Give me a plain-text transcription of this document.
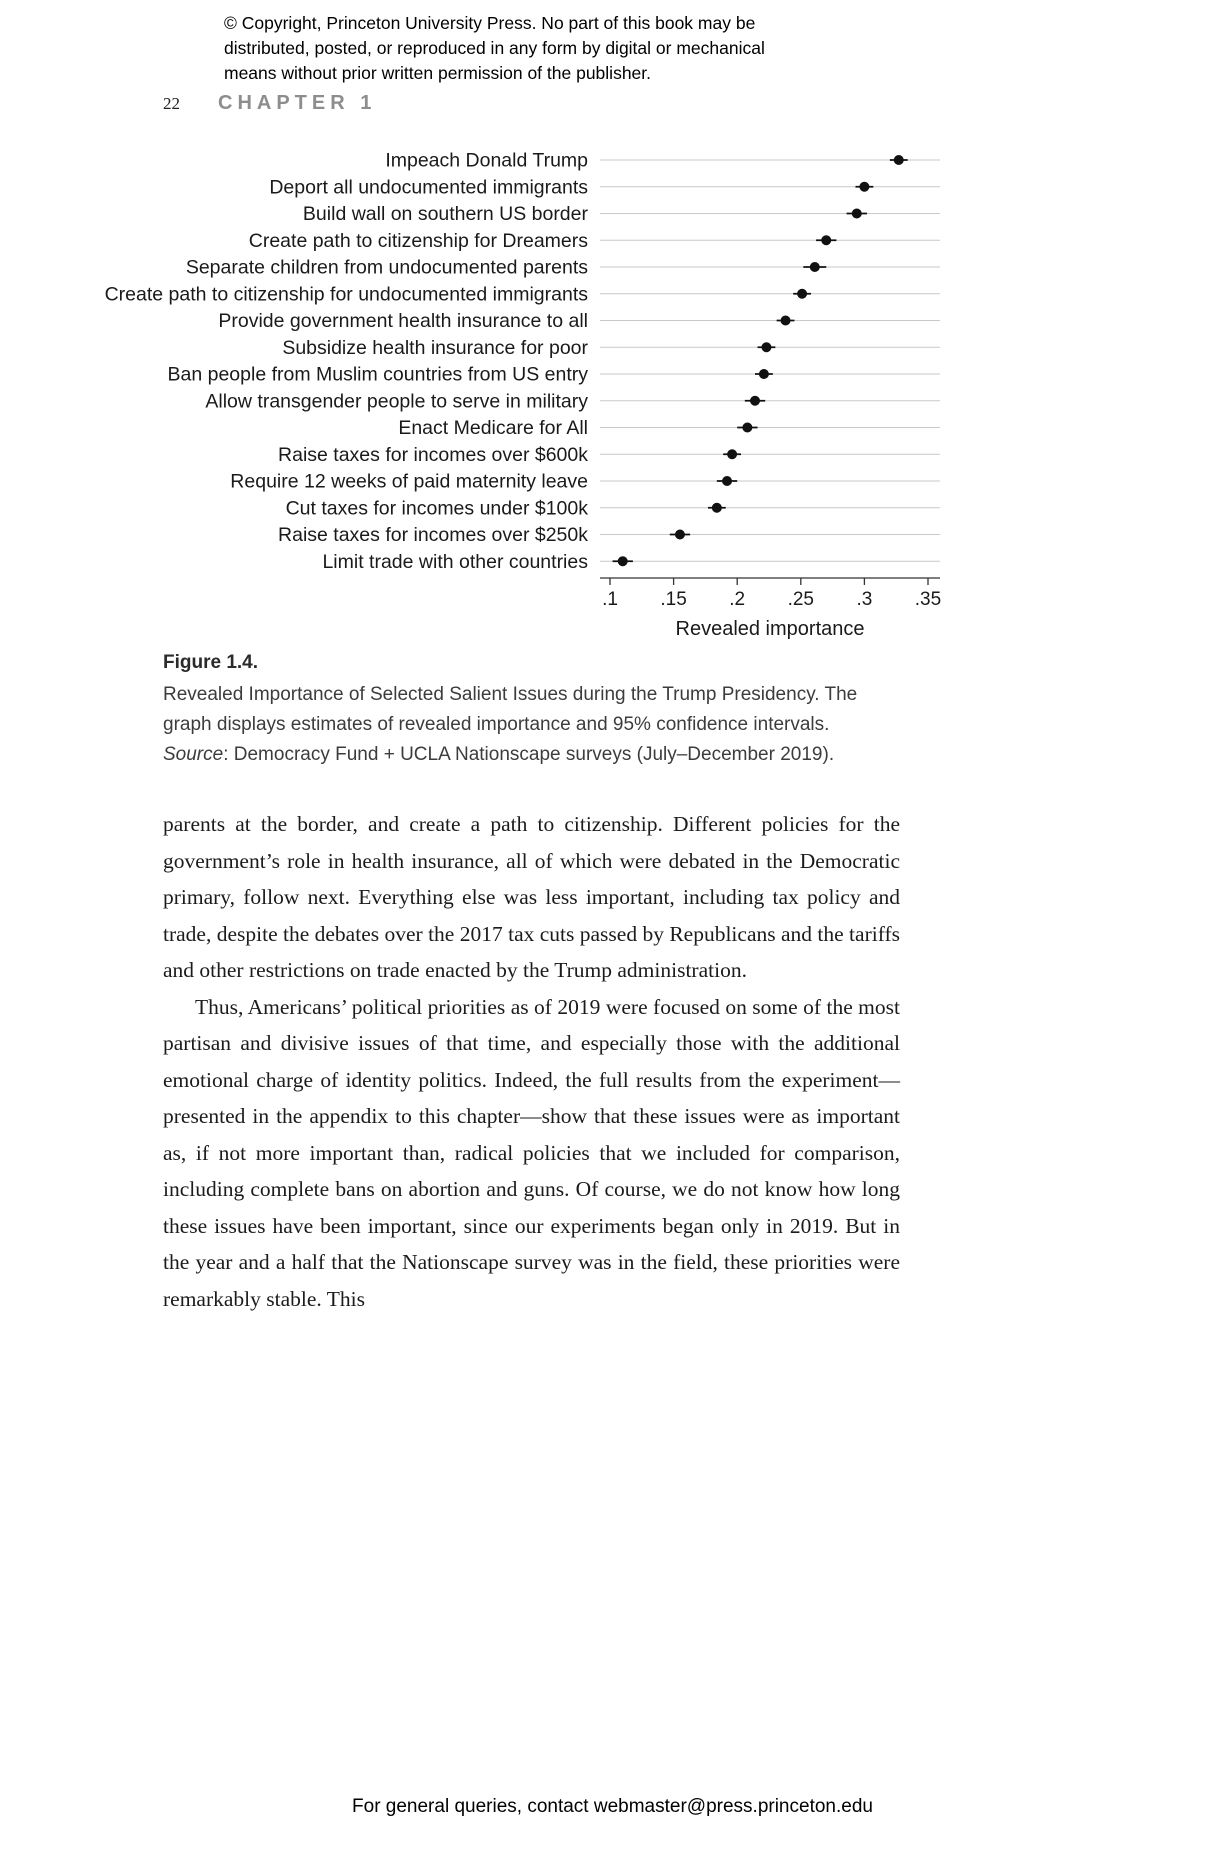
© Copyright, Princeton University Press. No part of this book may be
distributed, posted, or reproduced in any form by digital or mechanical
means without prior written permission of the publisher.
22 CHAPTER 1
Impeach Donald Trump
Deport all undocumented immigrants
Build wall on southern US border
Create path to citizenship for Dreamers
Separate children from undocumented parents
Create path to citizenship for undocumented immigrants
Provide government health insurance to all
Subsidize health insurance for poor
Ban people from Muslim countries from US entry
Allow transgender people to serve in military
Enact Medicare for All
Raise taxes for incomes over $600k
Require 12 weeks of paid maternity leave
Cut taxes for incomes under $100k
Raise taxes for incomes over $250k
Limit trade with other countries
.1 .15 .2 .25 .3 .35
Revealed importance
Figure 1.4.
Revealed Importance of Selected Salient Issues during the Trump Presidency. The graph displays estimates of revealed importance and 95% confidence intervals.
Source: Democracy Fund + UCLA Nationscape surveys (July–December 2019).

parents at the border, and create a path to citizenship. Different policies for the government’s role in health insurance, all of which were debated in the Democratic primary, follow next. Everything else was less important, including tax policy and trade, despite the debates over the 2017 tax cuts passed by Republicans and the tariffs and other restrictions on trade enacted by the Trump administration.

Thus, Americans’ political priorities as of 2019 were focused on some of the most partisan and divisive issues of that time, and especially those with the additional emotional charge of identity politics. Indeed, the full results from the experiment—presented in the appendix to this chapter—show that these issues were as important as, if not more important than, radical policies that we included for comparison, including complete bans on abortion and guns. Of course, we do not know how long these issues have been important, since our experiments began only in 2019. But in the year and a half that the Nationscape survey was in the field, these priorities were remarkably stable. This

For general queries, contact webmaster@press.princeton.edu
